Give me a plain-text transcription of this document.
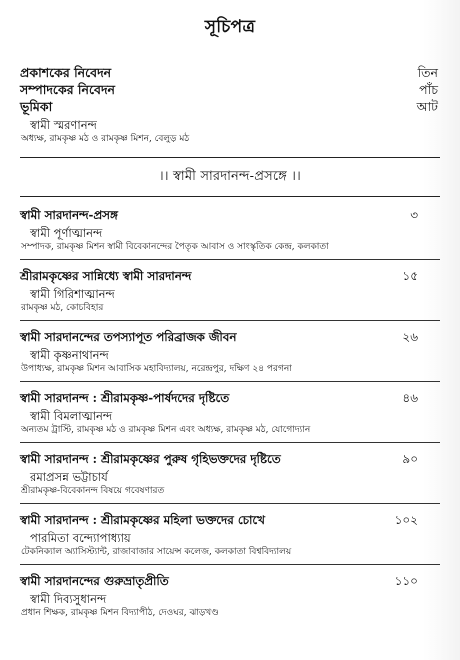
সূচিপত্র
প্রকাশকের নিবেদন	তিন
সম্পাদকের নিবেদন	পাঁচ
ভূমিকা	আট
স্বামী স্মরণানন্দ
অধ্যক্ষ, রামকৃষ্ণ মঠ ও রামকৃষ্ণ মিশন, বেলুড় মঠ
।। স্বামী সারদানন্দ-প্রসঙ্গে ।।
স্বামী সারদানন্দ-প্রসঙ্গ	৩
স্বামী পূর্ণাত্মানন্দ
সম্পাদক, রামকৃষ্ণ মিশন স্বামী বিবেকানন্দের পৈতৃক আবাস ও সাংস্কৃতিক কেন্দ্র, কলকাতা
শ্রীরামকৃষ্ণের সান্নিধ্যে স্বামী সারদানন্দ	১৫
স্বামী গিরিশাত্মানন্দ
রামকৃষ্ণ মঠ, কোচবিহার
স্বামী সারদানন্দের তপস্যাপূত পরিব্রাজক জীবন	২৬
স্বামী কৃষ্ণনাথানন্দ
উপাধ্যক্ষ, রামকৃষ্ণ মিশন আবাসিক মহাবিদ্যালয়, নরেন্দ্রপুর, দক্ষিণ ২৪ পরগনা
স্বামী সারদানন্দ : শ্রীরামকৃষ্ণ-পার্ষদদের দৃষ্টিতে	৪৬
স্বামী বিমলাত্মানন্দ
অন্যতম ট্রাস্টি, রামকৃষ্ণ মঠ ও রামকৃষ্ণ মিশন এবং অধ্যক্ষ, রামকৃষ্ণ মঠ, যোগোদ্যান
স্বামী সারদানন্দ : শ্রীরামকৃষ্ণের পুরুষ গৃহিভক্তদের দৃষ্টিতে	৯০
রমাপ্রসন্ন ভট্টাচার্য
শ্রীরামকৃষ্ণ-বিবেকানন্দ বিষয়ে গবেষণারত
স্বামী সারদানন্দ : শ্রীরামকৃষ্ণের মহিলা ভক্তদের চোখে	১০২
পারমিতা বন্দ্যোপাধ্যায়
টেকনিক্যাল অ্যাসিস্ট্যান্ট, রাজাবাজার সায়েন্স কলেজ, কলকাতা বিশ্ববিদ্যালয়
স্বামী সারদানন্দের গুরুভ্রাতৃপ্রীতি	১১০
স্বামী দিব্যসুধানন্দ
প্রধান শিক্ষক, রামকৃষ্ণ মিশন বিদ্যাপীঠ, দেওঘর, ঝাড়খণ্ড
